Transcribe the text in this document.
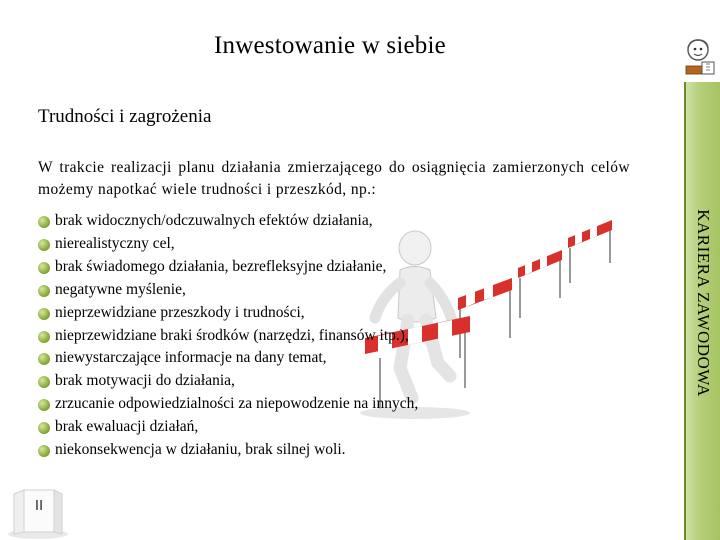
Inwestowanie w siebie
Trudności i zagrożenia
W trakcie realizacji planu działania zmierzającego do osiągnięcia zamierzonych celów możemy napotkać wiele trudności i przeszkód, np.:
brak widocznych/odczuwalnych efektów działania,
nierealistyczny cel,
brak świadomego działania, bezrefleksyjne działanie,
negatywne myślenie,
nieprzewidziane przeszkody i trudności,
nieprzewidziane braki środków (narzędzi, finansów itp.),
niewystarczające informacje na dany temat,
brak motywacji do działania,
zrzucanie odpowiedzialności za niepowodzenie na innych,
brak ewaluacji działań,
niekonsekwencja w działaniu, brak silnej woli.
KARIERA ZAWODOWA
II
